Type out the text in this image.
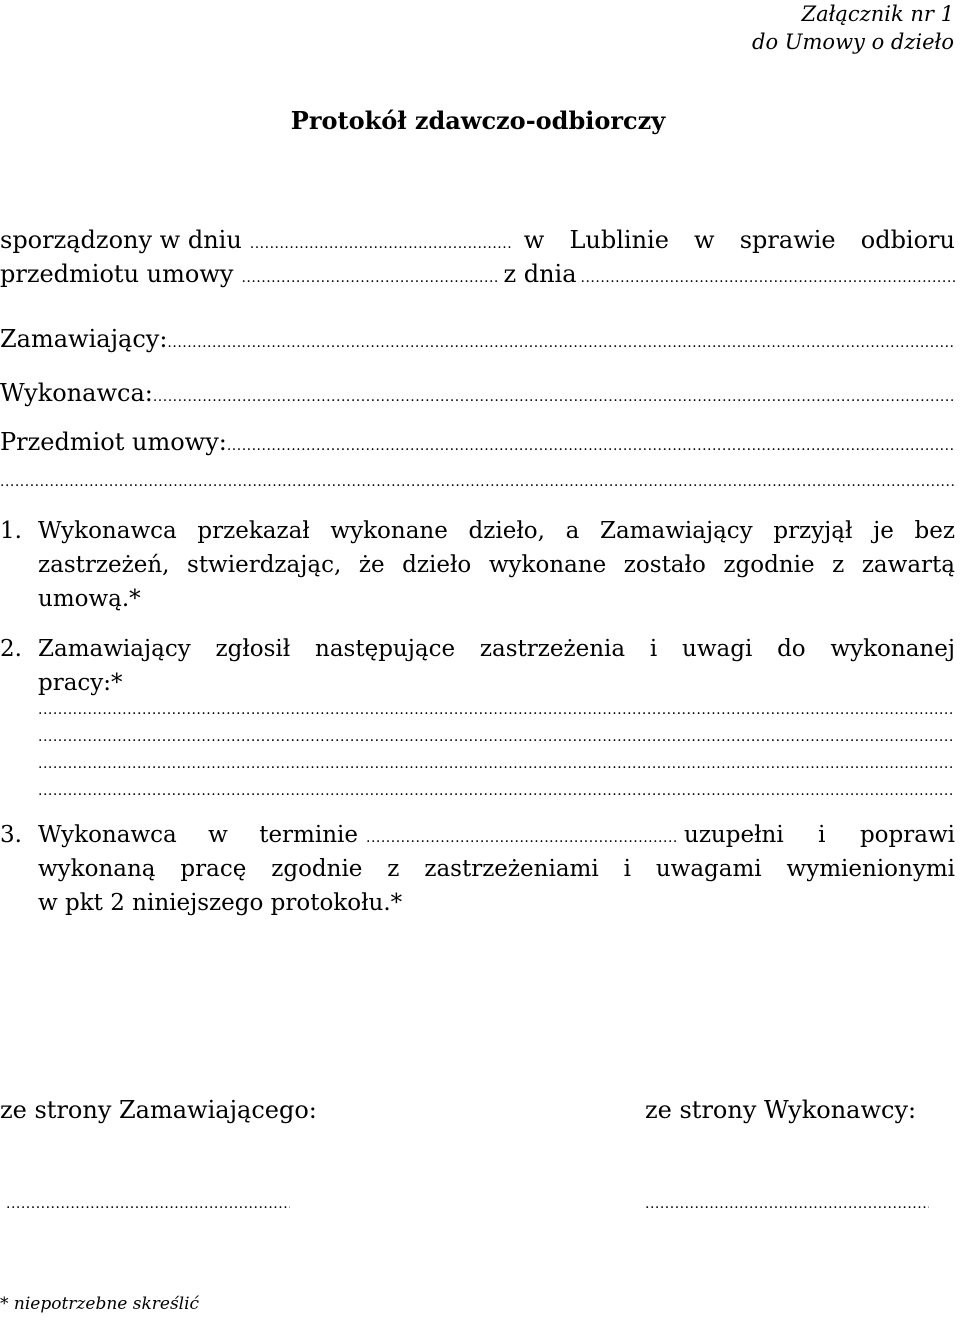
Załącznik nr 1
do Umowy o dzieło
Protokół zdawczo-odbiorczy
sporządzony w dniu .....	w Lublinie w sprawie odbioru
przedmiotu umowy .....	z dnia
.....
Zamawiający:
.....
Wykonawca:
.....
Przedmiot umowy:
.....
.....
1. Wykonawca przekazał wykonane dzieło, a Zamawiający przyjął je bez
zastrzeżeń, stwierdzając, że dzieło wykonane zostało zgodnie z zawartą
umową.*
2. Zamawiający zgłosił następujące zastrzeżenia i uwagi do wykonanej
pracy:*
.....
.....
.....
.....
3. Wykonawca w terminie .....	uzupełni i poprawi
wykonaną pracę zgodnie z zastrzeżeniami i uwagami wymienionymi
w pkt 2 niniejszego protokołu.*
ze strony Zamawiającego:	ze strony Wykonawcy:
.....
.....
* niepotrzebne skreślić
